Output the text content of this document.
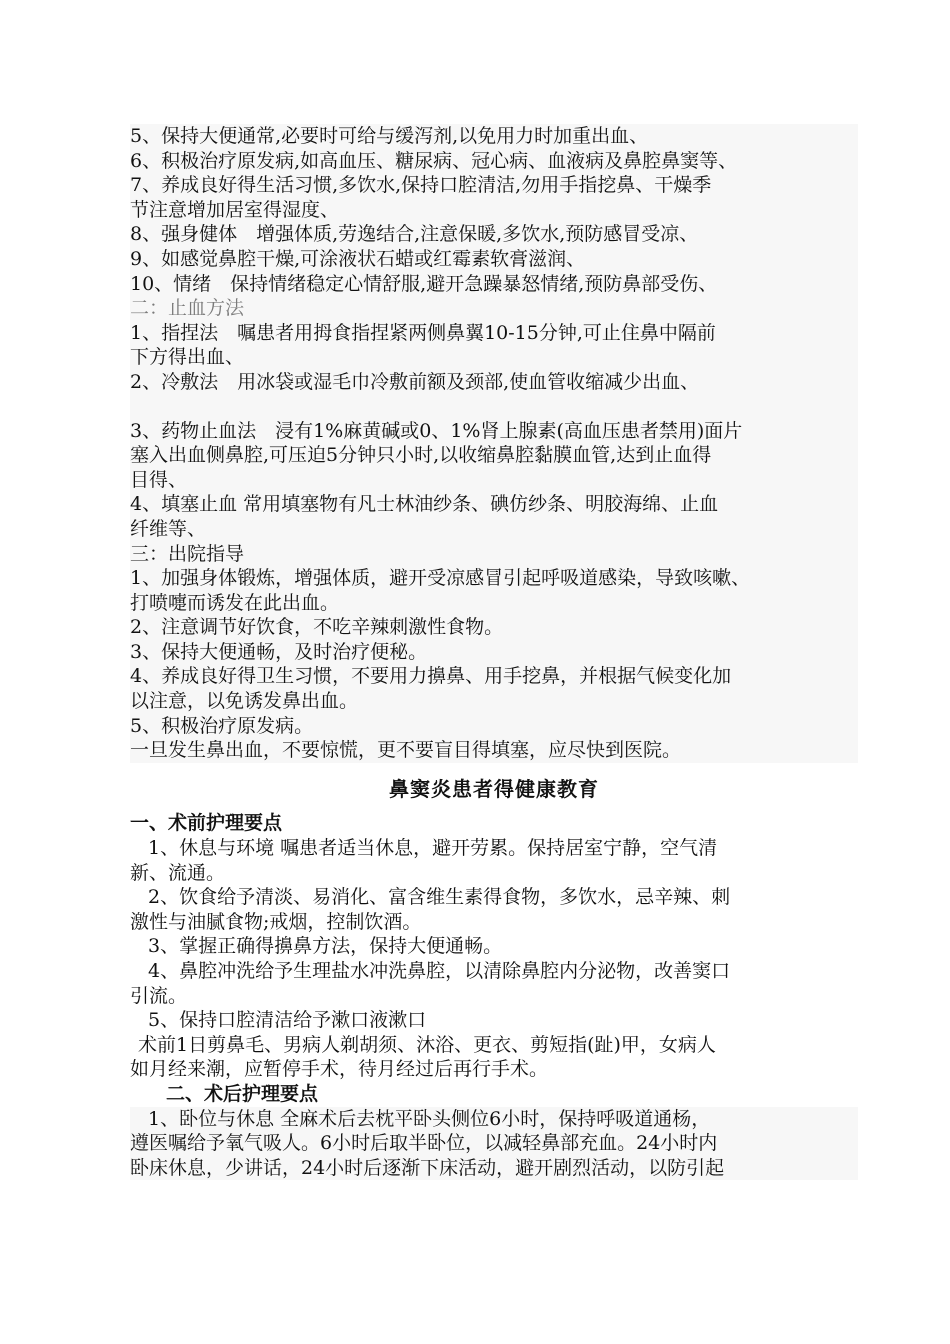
5、保持大便通常,必要时可给与缓泻剂,以免用力时加重出血、
6、积极治疗原发病,如高血压、糖尿病、冠心病、血液病及鼻腔鼻窦等、
7、养成良好得生活习惯,多饮水,保持口腔清洁,勿用手指挖鼻、干燥季
节注意增加居室得湿度、
8、强身健体　增强体质,劳逸结合,注意保暖,多饮水,预防感冒受凉、
9、如感觉鼻腔干燥,可涂液状石蜡或红霉素软膏滋润、
10、情绪　保持情绪稳定心情舒服,避开急躁暴怒情绪,预防鼻部受伤、
二：止血方法
1、指捏法　嘱患者用拇食指捏紧两侧鼻翼10-15分钟,可止住鼻中隔前
下方得出血、
2、冷敷法　用冰袋或湿毛巾冷敷前额及颈部,使血管收缩减少出血、
3、药物止血法　浸有1%麻黄碱或0、1%肾上腺素(高血压患者禁用)面片
塞入出血侧鼻腔,可压迫5分钟只小时,以收缩鼻腔黏膜血管,达到止血得
目得、
4、填塞止血 常用填塞物有凡士林油纱条、碘仿纱条、明胶海绵、止血
纤维等、
三：出院指导
1、加强身体锻炼，增强体质，避开受凉感冒引起呼吸道感染，导致咳嗽、
打喷嚏而诱发在此出血。
2、注意调节好饮食，不吃辛辣刺激性食物。
3、保持大便通畅，及时治疗便秘。
4、养成良好得卫生习惯，不要用力擤鼻、用手挖鼻，并根据气候变化加
以注意，以免诱发鼻出血。
5、积极治疗原发病。
一旦发生鼻出血，不要惊慌，更不要盲目得填塞，应尽快到医院。
鼻窦炎患者得健康教育
一、术前护理要点
1、休息与环境 嘱患者适当休息，避开劳累。保持居室宁静，空气清
新、流通。
2、饮食给予清淡、易消化、富含维生素得食物，多饮水，忌辛辣、刺
激性与油腻食物;戒烟，控制饮酒。
3、掌握正确得擤鼻方法，保持大便通畅。
4、鼻腔冲洗给予生理盐水冲洗鼻腔，以清除鼻腔内分泌物，改善窦口
引流。
5、保持口腔清洁给予漱口液漱口
术前1日剪鼻毛、男病人剃胡须、沐浴、更衣、剪短指(趾)甲，女病人
如月经来潮，应暂停手术，待月经过后再行手术。
二、术后护理要点
1、卧位与休息 全麻术后去枕平卧头侧位6小时，保持呼吸道通杨，
遵医嘱给予氧气吸人。6小时后取半卧位，以减轻鼻部充血。24小时内
卧床休息，少讲话，24小时后逐渐下床活动，避开剧烈活动，以防引起
